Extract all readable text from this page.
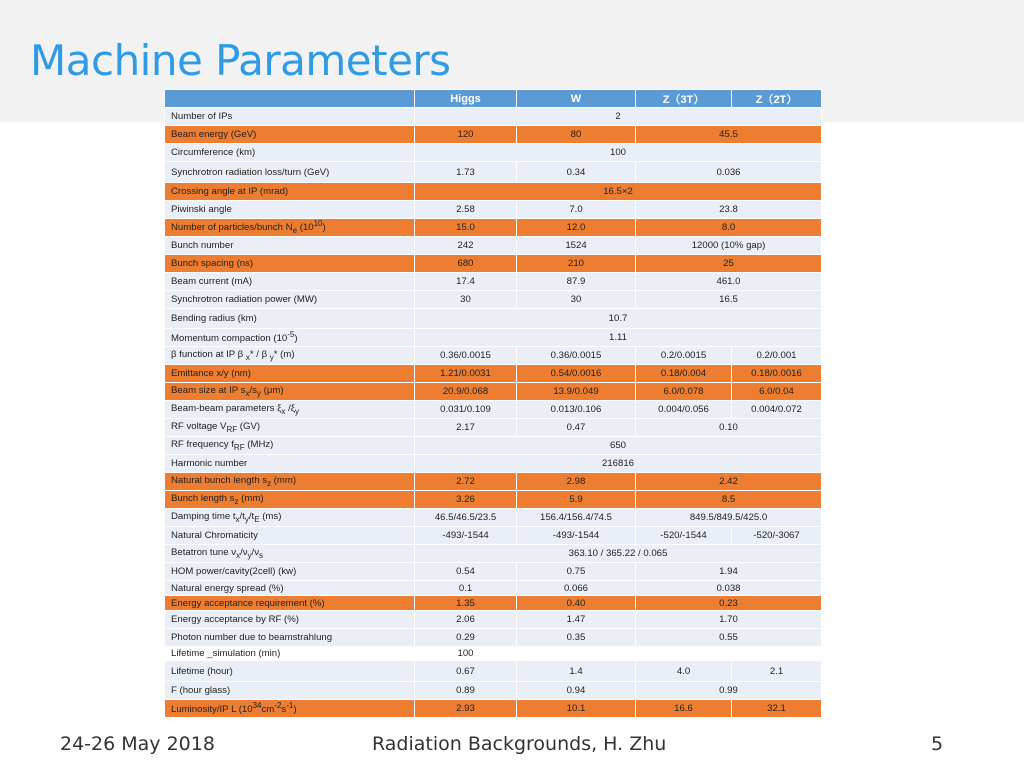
Machine Parameters
	Higgs	W	Z（3T）	Z（2T）
Number of IPs	2			
Beam energy (GeV)	120	80	45.5	
Circumference (km)	100			
Synchrotron radiation loss/turn (GeV)	1.73	0.34	0.036	
Crossing angle at IP (mrad)	16.5×2			
Piwinski angle	2.58	7.0	23.8	
Number of particles/bunch $N_e$ $(10^{10})$	15.0	12.0	8.0	
Bunch number	242	1524	12000 (10% gap)	
Bunch spacing (ns)	680	210	25	
Beam current (mA)	17.4	87.9	461.0	
Synchrotron radiation power (MW)	30	30	16.5	
Bending radius (km)	10.7			
Momentum compaction $(10^{-5})$	1.11			
β function at IP β $_x$* / β $_y$* (m)	0.36/0.0015	0.36/0.0015	0.2/0.0015	0.2/0.001
Emittance x/y (nm)	1.21/0.0031	0.54/0.0016	0.18/0.004	0.18/0.0016
Beam size at IP $s_x/s_y$ (μm)	20.9/0.068	13.9/0.049	6.0/0.078	6.0/0.04
Beam-beam parameters $\xi_x$ $/\xi_y$	0.031/0.109	0.013/0.106	0.004/0.056	0.004/0.072
RF voltage $V_{RF}$ (GV)	2.17	0.47	0.10	
RF frequency $f_{RF}$ (MHz)	650			
Harmonic number	216816			
Natural bunch length $s_z$ (mm)	2.72	2.98	2.42	
Bunch length $s_z$ (mm)	3.26	5.9	8.5	
Damping time $t_x/t_y/t_E$ (ms)	46.5/46.5/23.5	156.4/156.4/74.5	849.5/849.5/425.0	
Natural Chromaticity	-493/-1544	-493/-1544	-520/-1544	-520/-3067
Betatron tune $\nu_x/\nu_y/\nu_s$	363.10 / 365.22 / 0.065			
HOM power/cavity(2cell) (kw)	0.54	0.75	1.94	
Natural energy spread (%)	0.1	0.066	0.038	
Energy acceptance requirement (%)	1.35	0.40	0.23	
Energy acceptance by RF (%)	2.06	1.47	1.70	
Photon number due to beamstrahlung	0.29	0.35	0.55	
Lifetime _simulation (min)	100			
Lifetime (hour)	0.67	1.4	4.0	2.1
F (hour glass)	0.89	0.94	0.99	
Luminosity/IP L $(10^{34}cm^{-2}s^{-1})$	2.93	10.1	16.6	32.1
24-26 May 2018	Radiation Backgrounds, H. Zhu	5
